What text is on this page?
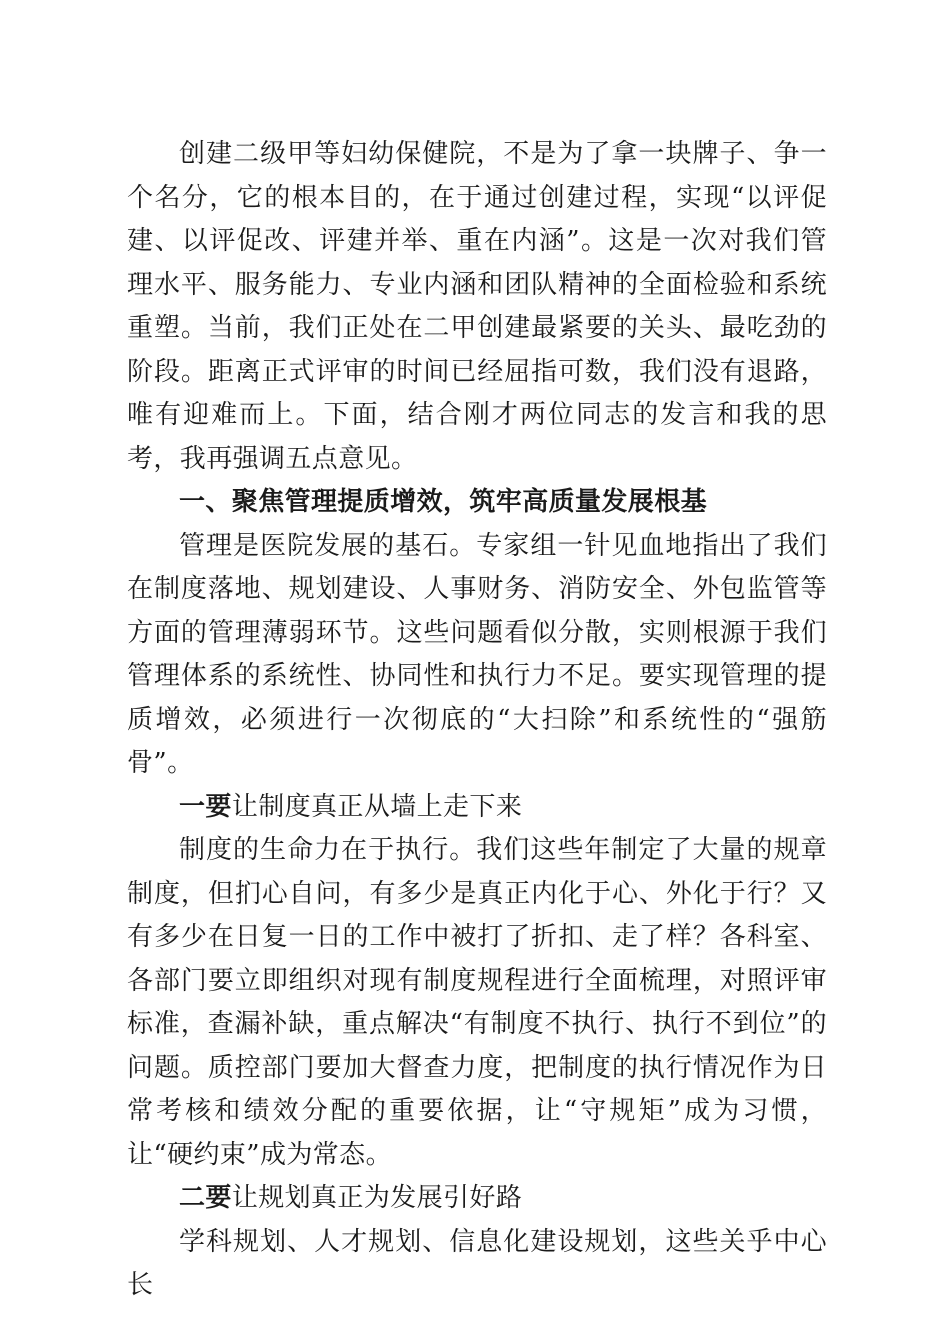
创建二级甲等妇幼保健院，不是为了拿一块牌子、争一个名分，它的根本目的，在于通过创建过程，实现“以评促建、以评促改、评建并举、重在内涵”。这是一次对我们管理水平、服务能力、专业内涵和团队精神的全面检验和系统重塑。当前，我们正处在二甲创建最紧要的关头、最吃劲的阶段。距离正式评审的时间已经屈指可数，我们没有退路，唯有迎难而上。下面，结合刚才两位同志的发言和我的思考，我再强调五点意见。

一、聚焦管理提质增效，筑牢高质量发展根基

管理是医院发展的基石。专家组一针见血地指出了我们在制度落地、规划建设、人事财务、消防安全、外包监管等方面的管理薄弱环节。这些问题看似分散，实则根源于我们管理体系的系统性、协同性和执行力不足。要实现管理的提质增效，必须进行一次彻底的“大扫除”和系统性的“强筋骨”。

一要让制度真正从墙上走下来

制度的生命力在于执行。我们这些年制定了大量的规章制度，但扪心自问，有多少是真正内化于心、外化于行？又有多少在日复一日的工作中被打了折扣、走了样？各科室、各部门要立即组织对现有制度规程进行全面梳理，对照评审标准，查漏补缺，重点解决“有制度不执行、执行不到位”的问题。质控部门要加大督查力度，把制度的执行情况作为日常考核和绩效分配的重要依据，让“守规矩”成为习惯，让“硬约束”成为常态。

二要让规划真正为发展引好路

学科规划、人才规划、信息化建设规划，这些关乎中心长
